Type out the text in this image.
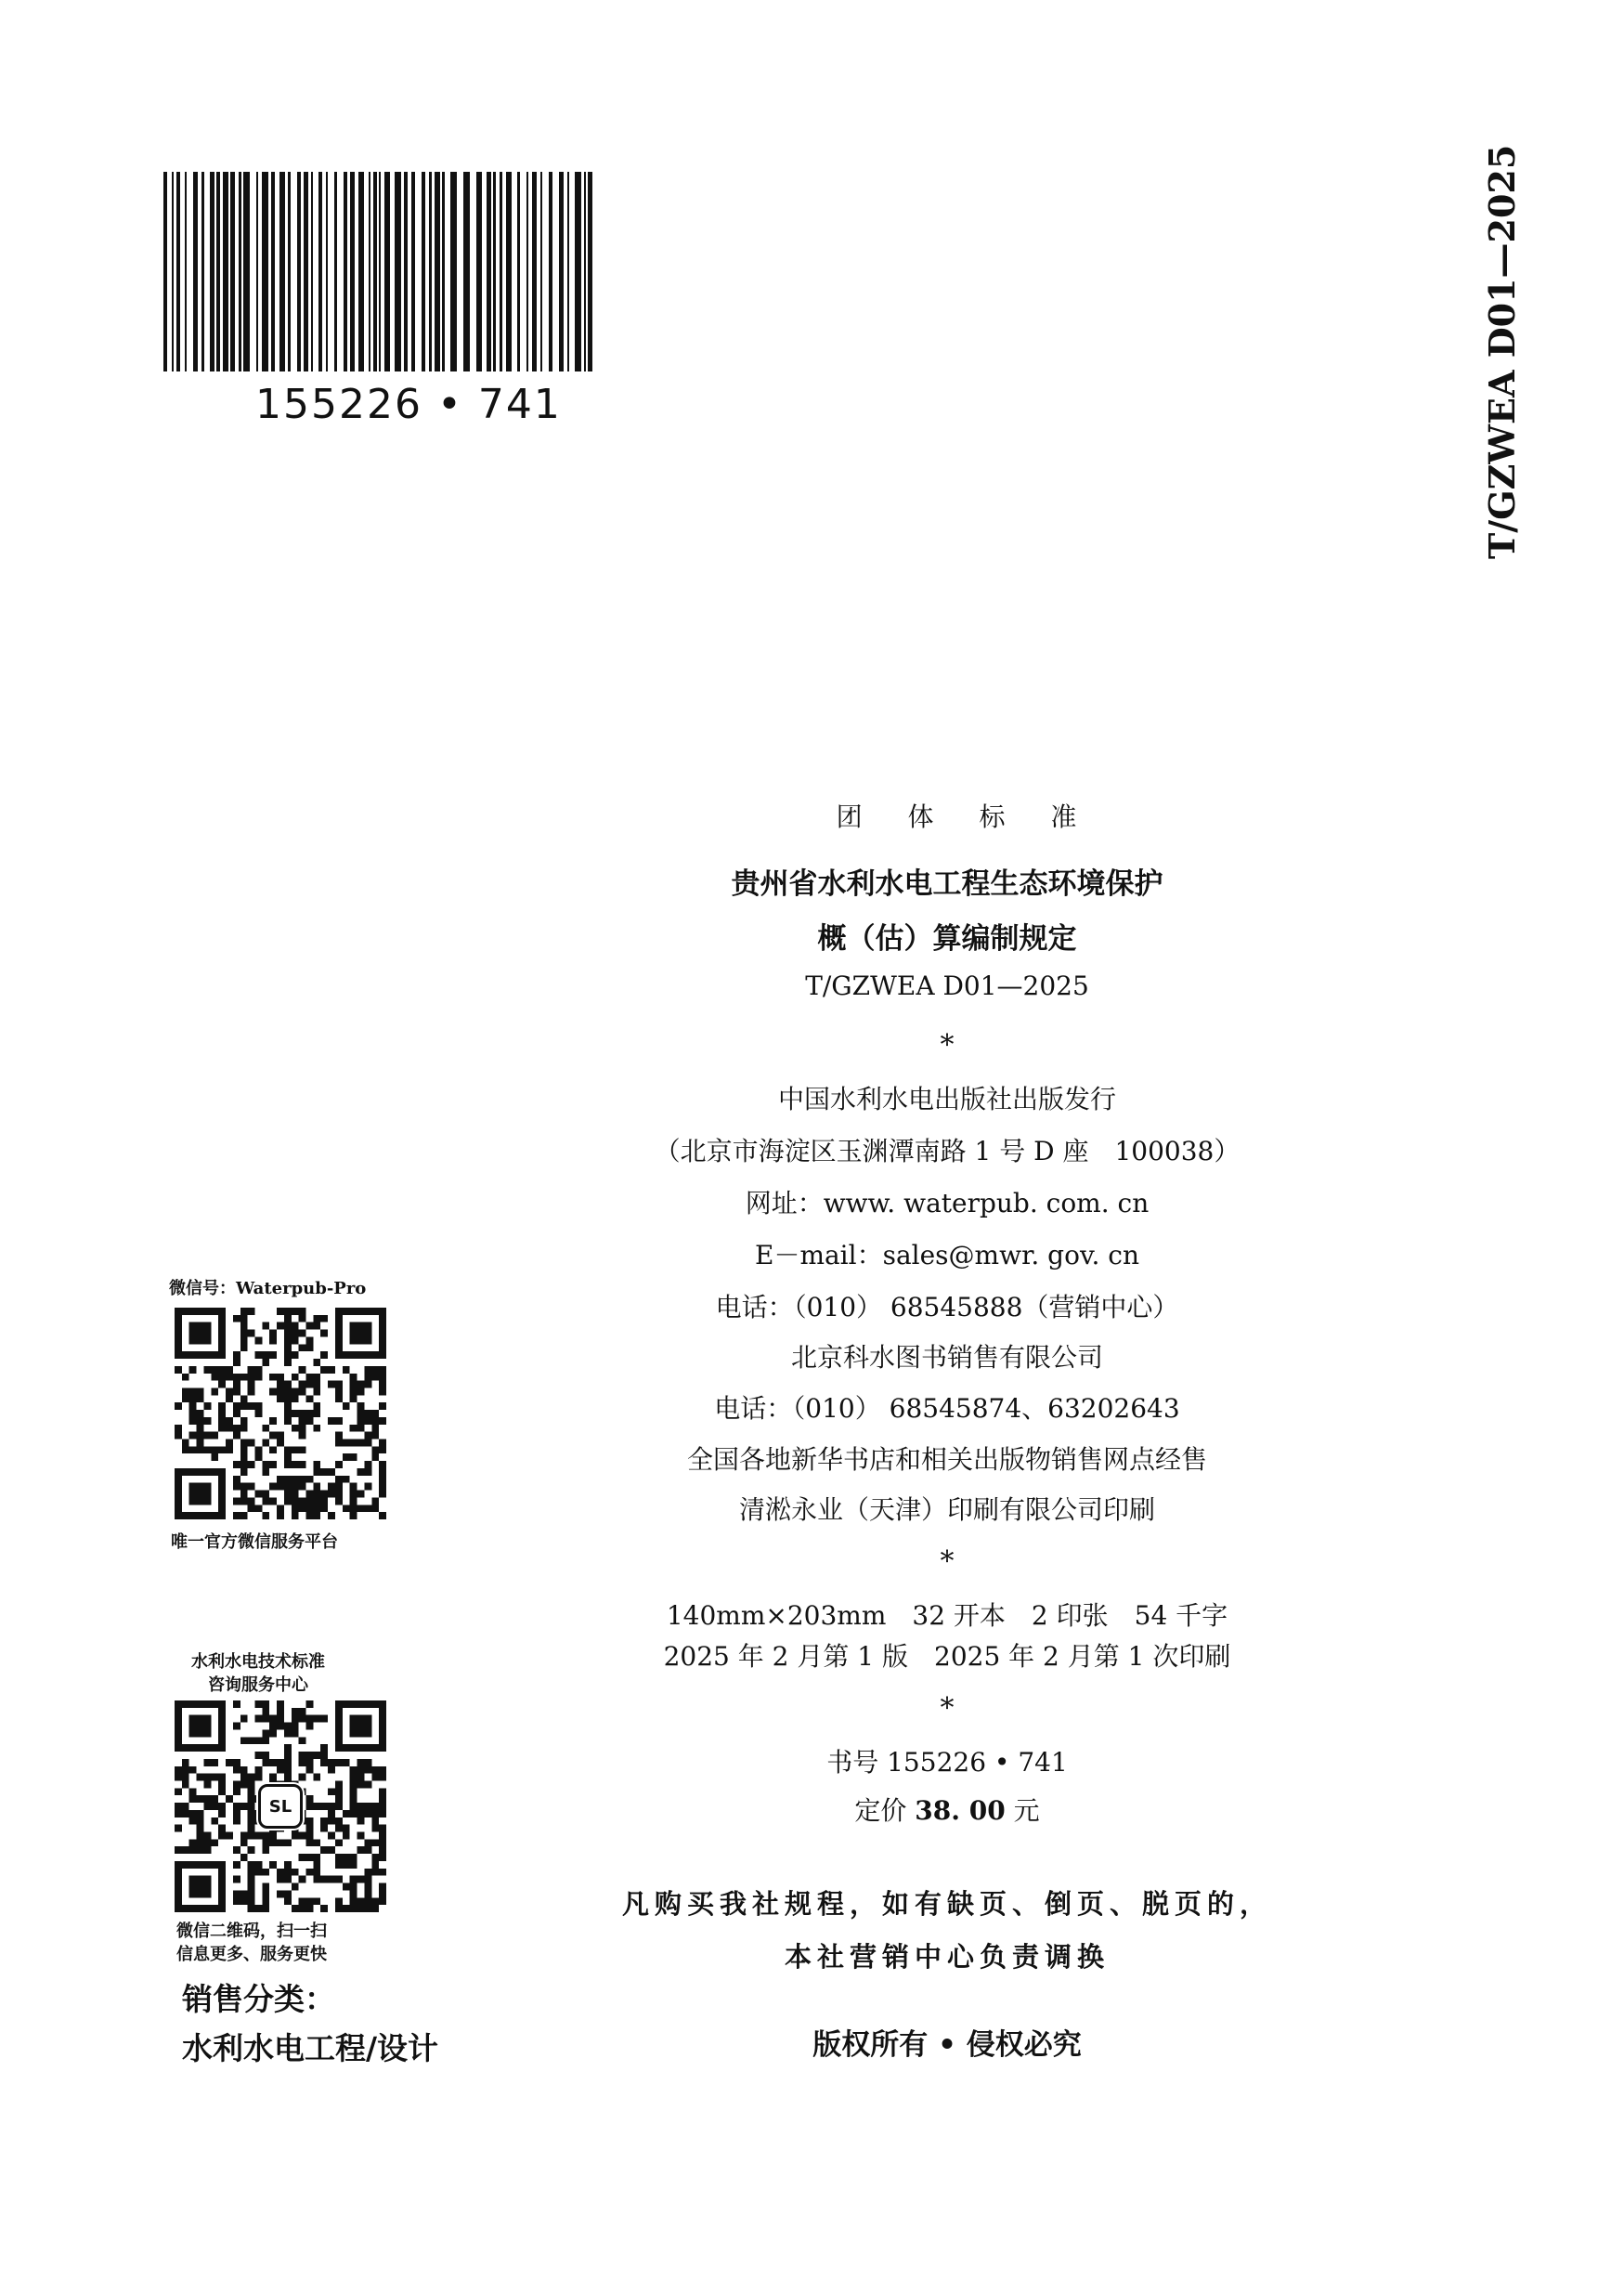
155226 • 741	T/GZWEA D01—2025
团 体 标 准
贵州省水利水电工程生态环境保护
概（估）算编制规定
T/GZWEA D01—2025
*
中国水利水电出版社出版发行
（北京市海淀区玉渊潭南路 1 号 D 座　100038）
网址：www. waterpub. com. cn
E－mail：sales@mwr. gov. cn
电话：（010） 68545888（营销中心）
北京科水图书销售有限公司
电话：（010） 68545874、63202643
全国各地新华书店和相关出版物销售网点经售
清淞永业（天津）印刷有限公司印刷
*
140mm×203mm　32 开本　2 印张　54 千字
2025 年 2 月第 1 版　2025 年 2 月第 1 次印刷
*
书号 155226 • 741
定价 38. 00 元
凡购买我社规程，如有缺页、倒页、脱页的，
本社营销中心负责调换
版权所有 • 侵权必究
微信号：Waterpub-Pro
唯一官方微信服务平台
水利水电技术标准
咨询服务中心
SL
微信二维码，扫一扫
信息更多、服务更快
销售分类：
水利水电工程/设计
